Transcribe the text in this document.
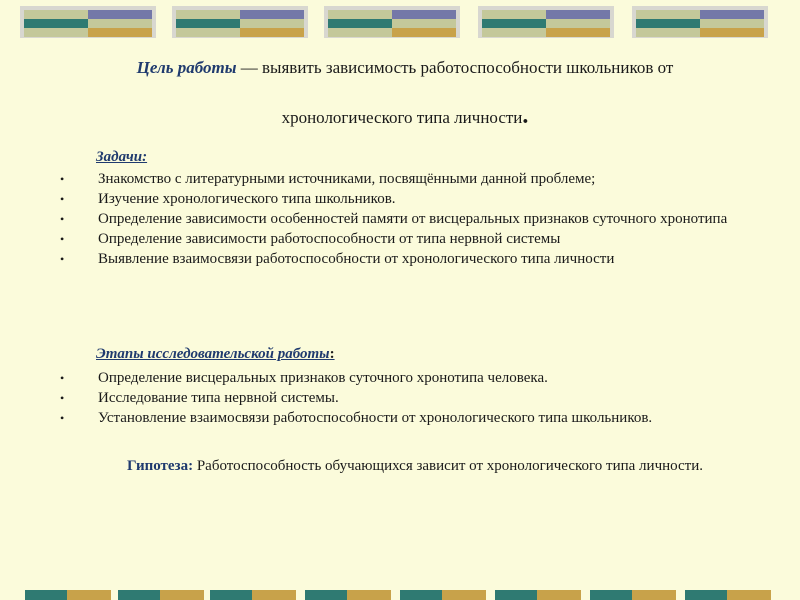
Цель работы — выявить зависимость работоспособности школьников от
хронологического типа личности.
Задачи:
• Знакомство с литературными источниками, посвящёнными данной проблеме;
• Изучение хронологического типа школьников.
• Определение зависимости особенностей памяти от висцеральных признаков суточного хронотипа
• Определение зависимости работоспособности от типа нервной системы
• Выявление взаимосвязи работоспособности от хронологического типа личности
Этапы исследовательской работы:
• Определение висцеральных признаков суточного хронотипа человека.
• Исследование типа нервной системы.
• Установление взаимосвязи работоспособности от хронологического типа школьников.
Гипотеза: Работоспособность обучающихся зависит от хронологического типа личности.
